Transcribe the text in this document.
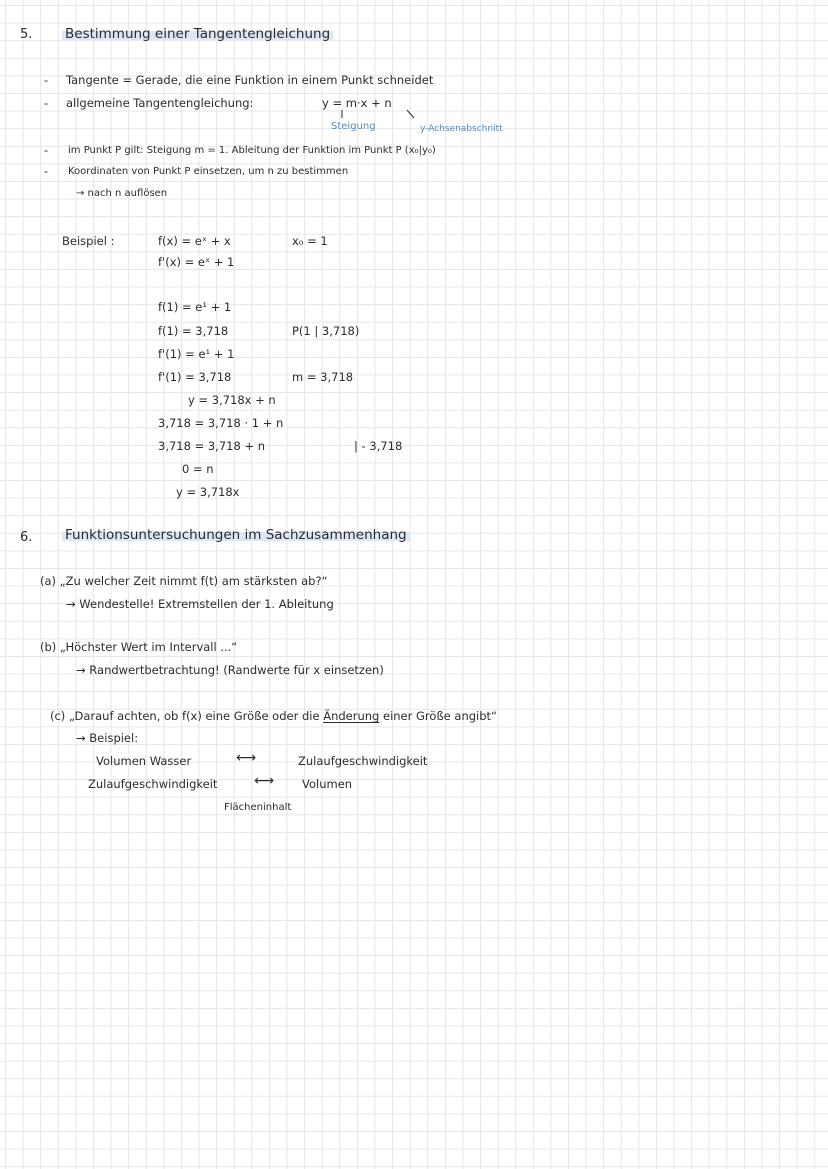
5. Bestimmung einer Tangentengleichung
- Tangente = Gerade, die eine Funktion in einem Punkt schneidet
- allgemeine Tangentengleichung:	y = m·x + n
Steigung	y-Achsenabschnitt
- im Punkt P gilt: Steigung m = 1. Ableitung der Funktion im Punkt P (x₀|y₀)
- Koordinaten von Punkt P einsetzen, um n zu bestimmen
→ nach n auflösen
Beispiel :	f(x) = eˣ + x	x₀ = 1
f'(x) = eˣ + 1
f(1) = e¹ + 1
f(1) = 3,718	P(1 | 3,718)
f'(1) = e¹ + 1
f'(1) = 3,718	m = 3,718
y = 3,718x + n
3,718 = 3,718 · 1 + n
3,718 = 3,718 + n	| - 3,718
0 = n
y = 3,718x
6. Funktionsuntersuchungen im Sachzusammenhang
(a) „Zu welcher Zeit nimmt f(t) am stärksten ab?“
→ Wendestelle! Extremstellen der 1. Ableitung
(b) „Höchster Wert im Intervall ...“
→ Randwertbetrachtung! (Randwerte für x einsetzen)
(c) „Darauf achten, ob f(x) eine Größe oder die Änderung einer Größe angibt“
→ Beispiel:
Volumen Wasser	⟷	Zulaufgeschwindigkeit
Zulaufgeschwindigkeit	⟷ Volumen
Flächeninhalt
